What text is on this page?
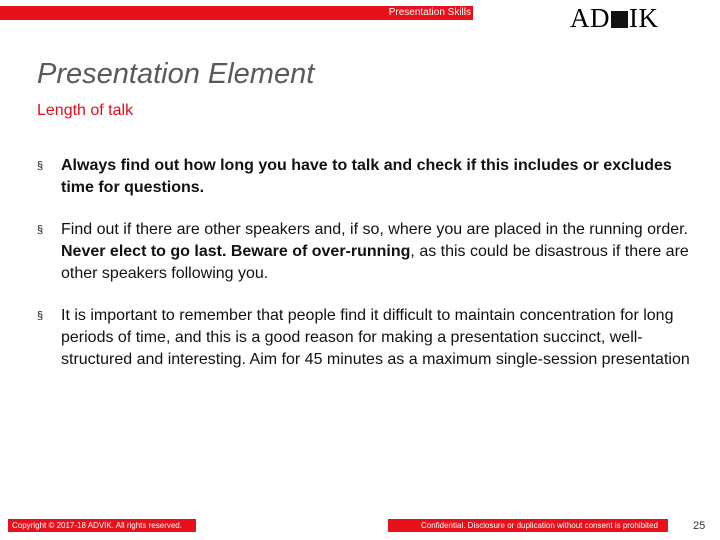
Presentation Skills	AD IK
Presentation Element
Length of talk
§ Always find out how long you have to talk and check if this includes or excludes time for questions.
§ Find out if there are other speakers and, if so, where you are placed in the running order. Never elect to go last. Beware of over-running, as this could be disastrous if there are other speakers following you.
§ It is important to remember that people find it difficult to maintain concentration for long periods of time, and this is a good reason for making a presentation succinct, well-structured and interesting. Aim for 45 minutes as a maximum single-session presentation
Copyright © 2017-18 ADVIK. All rights reserved.	Confidential. Disclosure or duplication without consent is prohibited	25
